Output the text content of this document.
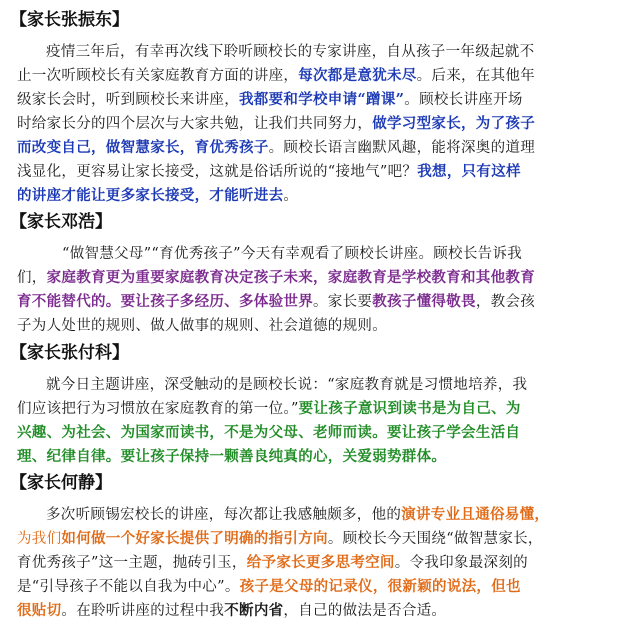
【家长张振东】
疫情三年后，有幸再次线下聆听顾校长的专家讲座，自从孩子一年级起就不
止一次听顾校长有关家庭教育方面的讲座，每次都是意犹未尽。后来，在其他年
级家长会时，听到顾校长来讲座，我都要和学校申请“蹭课”。顾校长讲座开场
时给家长分的四个层次与大家共勉，让我们共同努力，做学习型家长，为了孩子
而改变自己，做智慧家长，育优秀孩子。顾校长语言幽默风趣，能将深奥的道理
浅显化，更容易让家长接受，这就是俗话所说的“接地气”吧？我想，只有这样
的讲座才能让更多家长接受，才能听进去。
【家长邓浩】
“做智慧父母”“育优秀孩子”今天有幸观看了顾校长讲座。顾校长告诉我
们，家庭教育更为重要家庭教育决定孩子未来，家庭教育是学校教育和其他教育
育不能替代的。要让孩子多经历、多体验世界。家长要教孩子懂得敬畏，教会孩
子为人处世的规则、做人做事的规则、社会道德的规则。
【家长张付科】
就今日主题讲座，深受触动的是顾校长说：“家庭教育就是习惯地培养，我
们应该把行为习惯放在家庭教育的第一位。”要让孩子意识到读书是为自己、为
兴趣、为社会、为国家而读书，不是为父母、老师而读。要让孩子学会生活自
理、纪律自律。要让孩子保持一颗善良纯真的心，关爱弱势群体。
【家长何静】
多次听顾锡宏校长的讲座，每次都让我感触颇多，他的演讲专业且通俗易懂，
为我们如何做一个好家长提供了明确的指引方向。顾校长今天围绕“做智慧家长，
育优秀孩子”这一主题，抛砖引玉，给予家长更多思考空间。令我印象最深刻的
是“引导孩子不能以自我为中心”。孩子是父母的记录仪，很新颖的说法，但也
很贴切。在聆听讲座的过程中我不断内省，自己的做法是否合适。
